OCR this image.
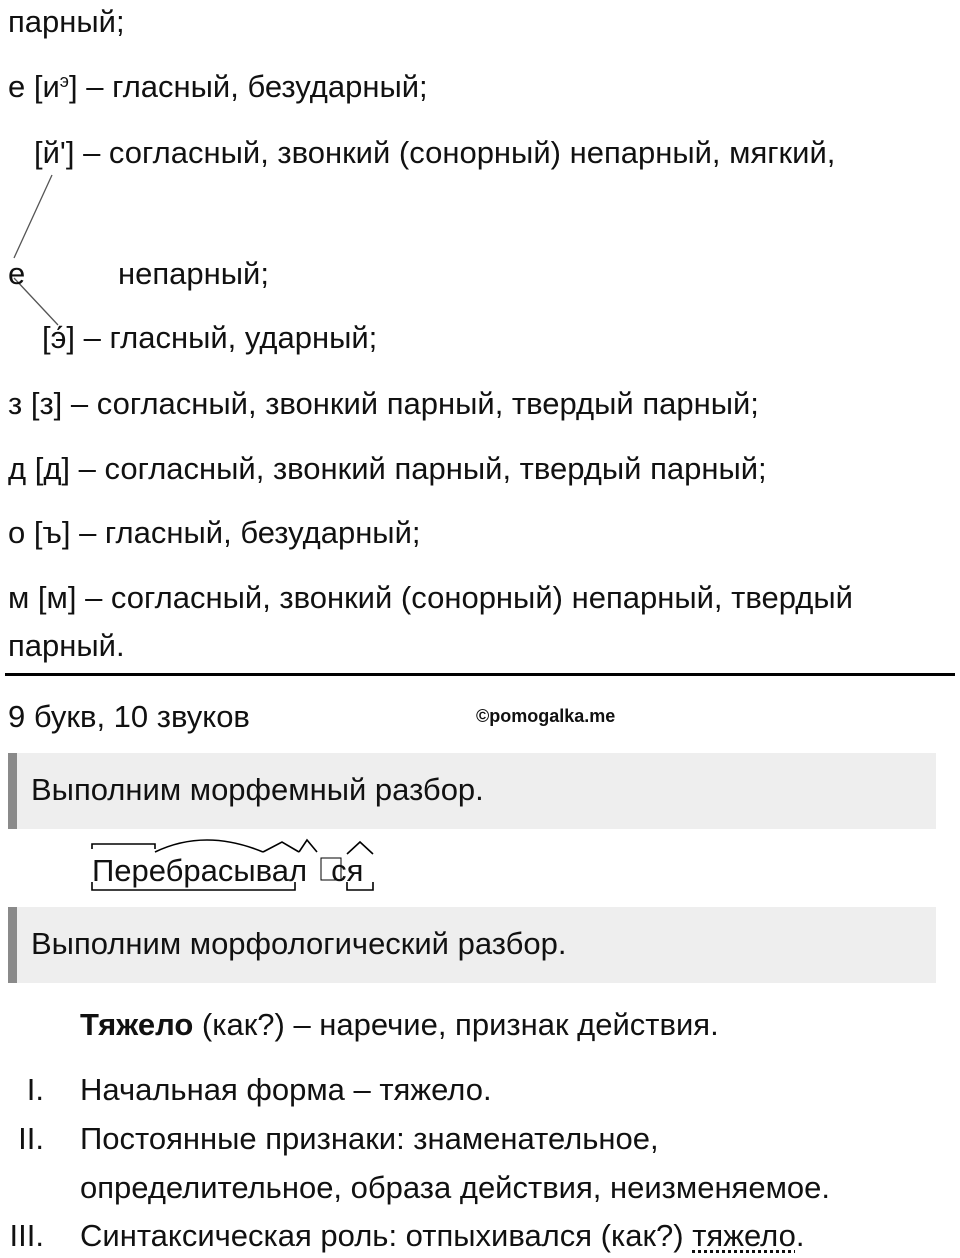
парный;
е $[и^э]$ – гласный, безударный;
[й'] – согласный, звонкий (сонорный) непарный, мягкий,
е	непарный;
[э́] – гласный, ударный;
з [з] – согласный, звонкий парный, твердый парный;
д [д] – согласный, звонкий парный, твердый парный;
о [ъ] – гласный, безударный;
м [м] – согласный, звонкий (сонорный) непарный, твердый
парный.
9 букв, 10 звуков	©pomogalka.me
Выполним морфемный разбор.
Перебрасывал ся
Выполним морфологический разбор.
Тяжело (как?) – наречие, признак действия.
I. Начальная форма – тяжело.
II. Постоянные признаки: знаменательное,
определительное, образа действия, неизменяемое.
III. Синтаксическая роль: отпыхивался (как?) тяжело.
